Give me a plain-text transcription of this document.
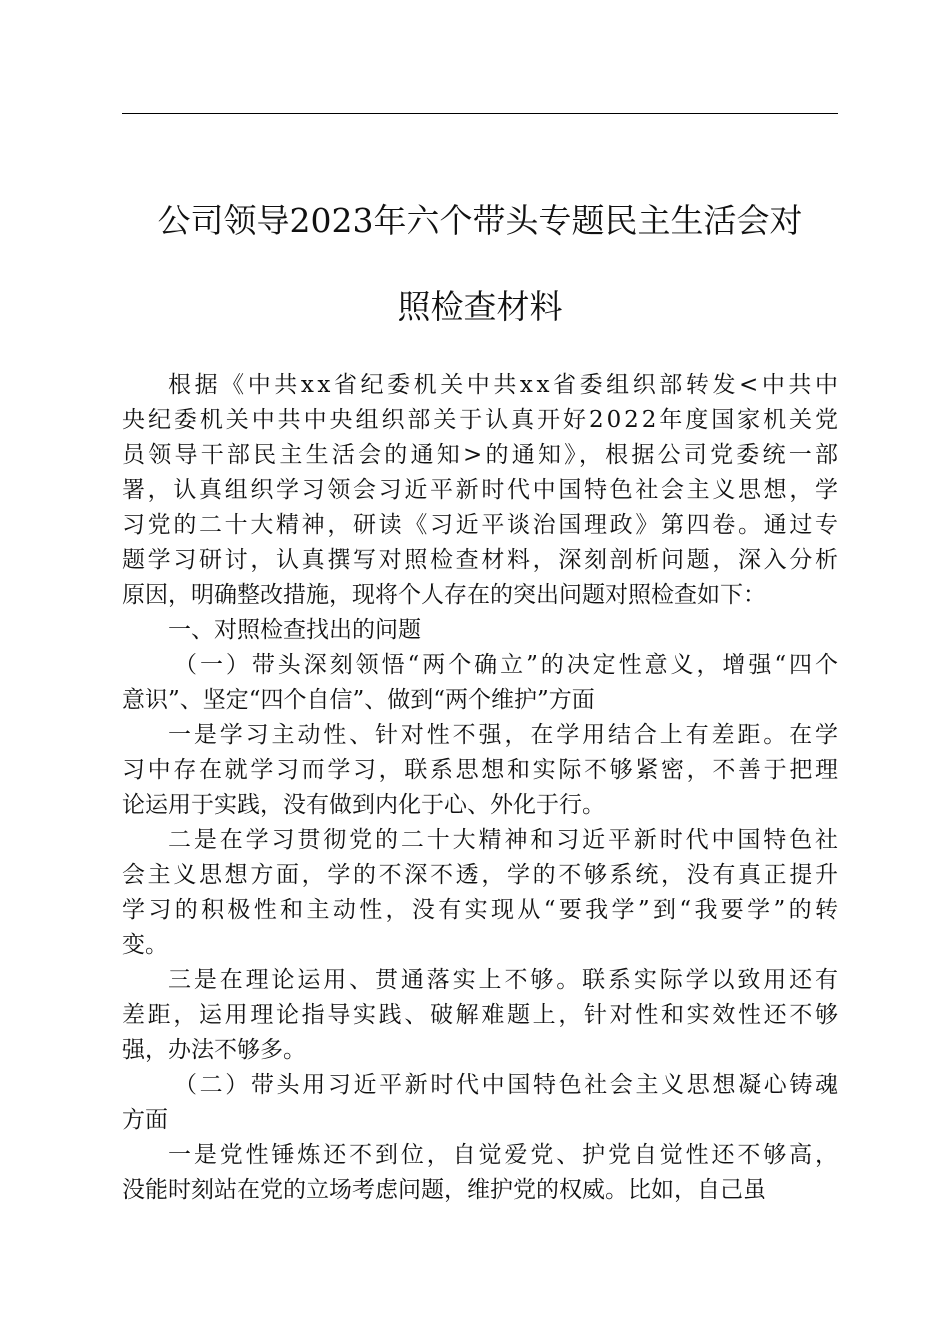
公司领导2023年六个带头专题民主生活会对
照检查材料
根据《中共xx省纪委机关中共xx省委组织部转发<中共中
央纪委机关中共中央组织部关于认真开好2022年度国家机关党
员领导干部民主生活会的通知>的通知》，根据公司党委统一部
署，认真组织学习领会习近平新时代中国特色社会主义思想，学
习党的二十大精神，研读《习近平谈治国理政》第四卷。通过专
题学习研讨，认真撰写对照检查材料，深刻剖析问题，深入分析
原因，明确整改措施，现将个人存在的突出问题对照检查如下：
一、对照检查找出的问题
（一）带头深刻领悟“两个确立”的决定性意义，增强“四个
意识”、坚定“四个自信”、做到“两个维护”方面
一是学习主动性、针对性不强，在学用结合上有差距。在学
习中存在就学习而学习，联系思想和实际不够紧密，不善于把理
论运用于实践，没有做到内化于心、外化于行。
二是在学习贯彻党的二十大精神和习近平新时代中国特色社
会主义思想方面，学的不深不透，学的不够系统，没有真正提升
学习的积极性和主动性，没有实现从“要我学”到“我要学”的转
变。
三是在理论运用、贯通落实上不够。联系实际学以致用还有
差距，运用理论指导实践、破解难题上，针对性和实效性还不够
强，办法不够多。
（二）带头用习近平新时代中国特色社会主义思想凝心铸魂
方面
一是党性锤炼还不到位，自觉爱党、护党自觉性还不够高，
没能时刻站在党的立场考虑问题，维护党的权威。比如，自己虽
